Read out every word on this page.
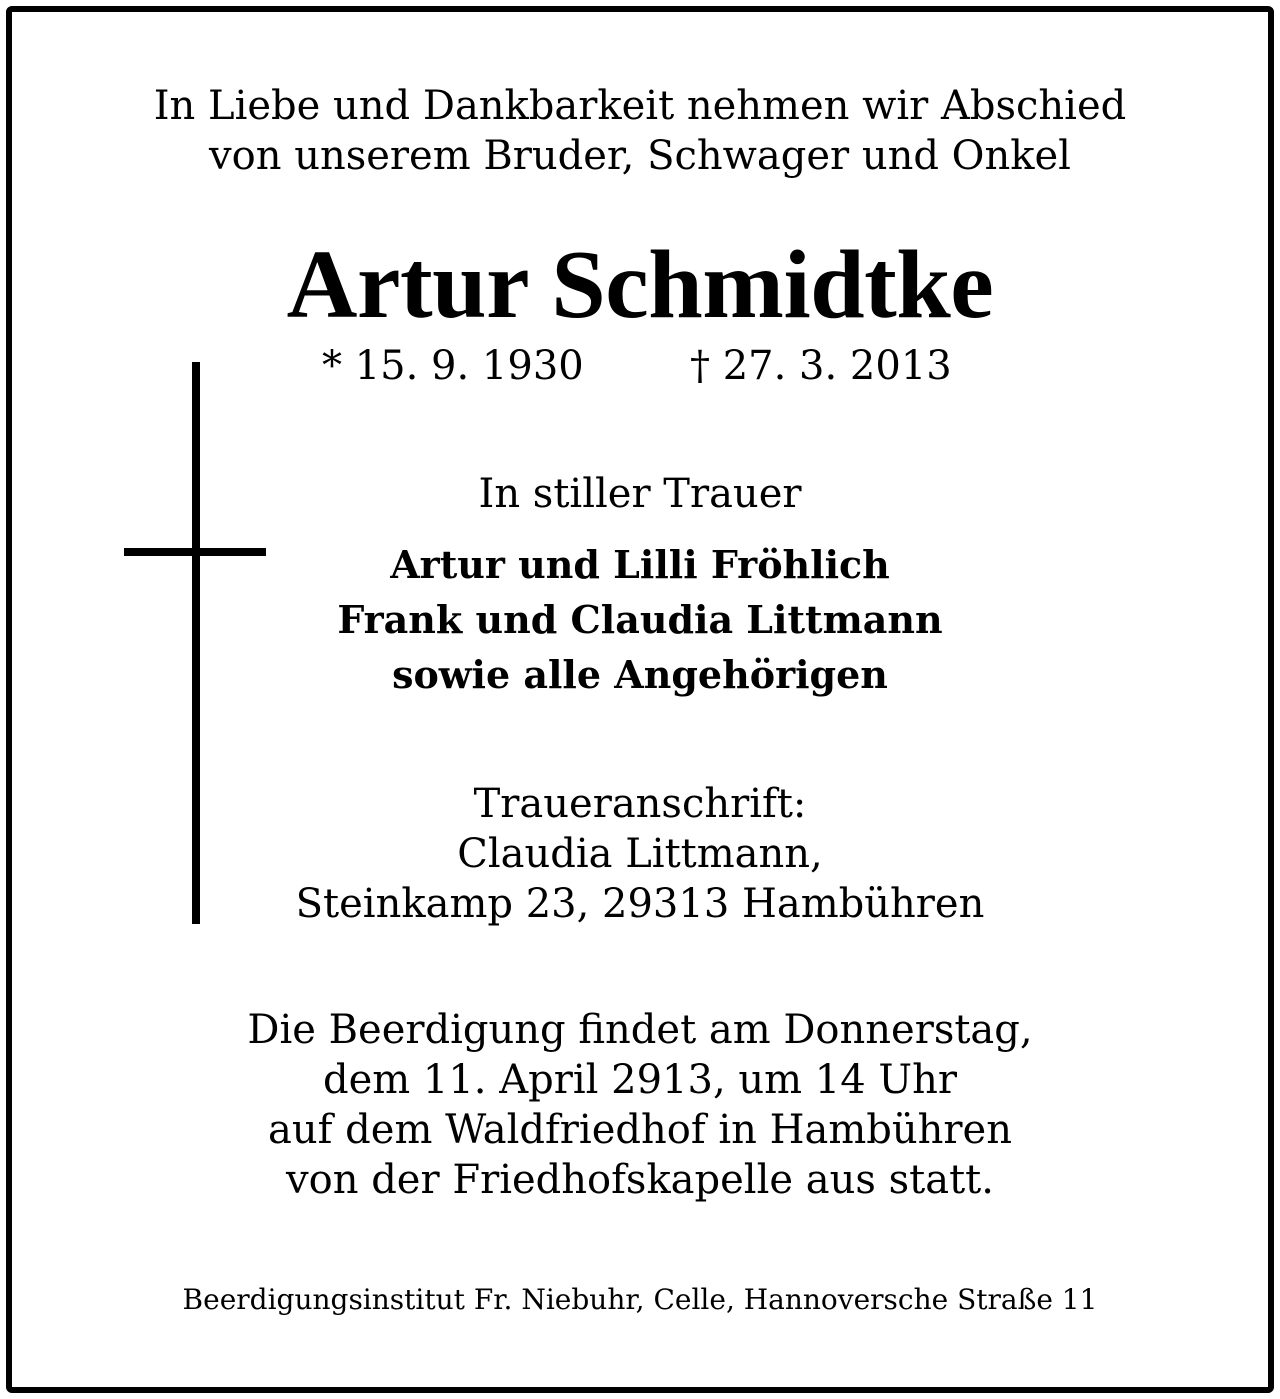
In Liebe und Dankbarkeit nehmen wir Abschied
von unserem Bruder, Schwager und Onkel
Artur Schmidtke
* 15. 9. 1930	† 27. 3. 2013
In stiller Trauer
Artur und Lilli Fröhlich
Frank und Claudia Littmann
sowie alle Angehörigen
Traueranschrift:
Claudia Littmann,
Steinkamp 23, 29313 Hambühren
Die Beerdigung findet am Donnerstag,
dem 11. April 2913, um 14 Uhr
auf dem Waldfriedhof in Hambühren
von der Friedhofskapelle aus statt.
Beerdigungsinstitut Fr. Niebuhr, Celle, Hannoversche Straße 11
